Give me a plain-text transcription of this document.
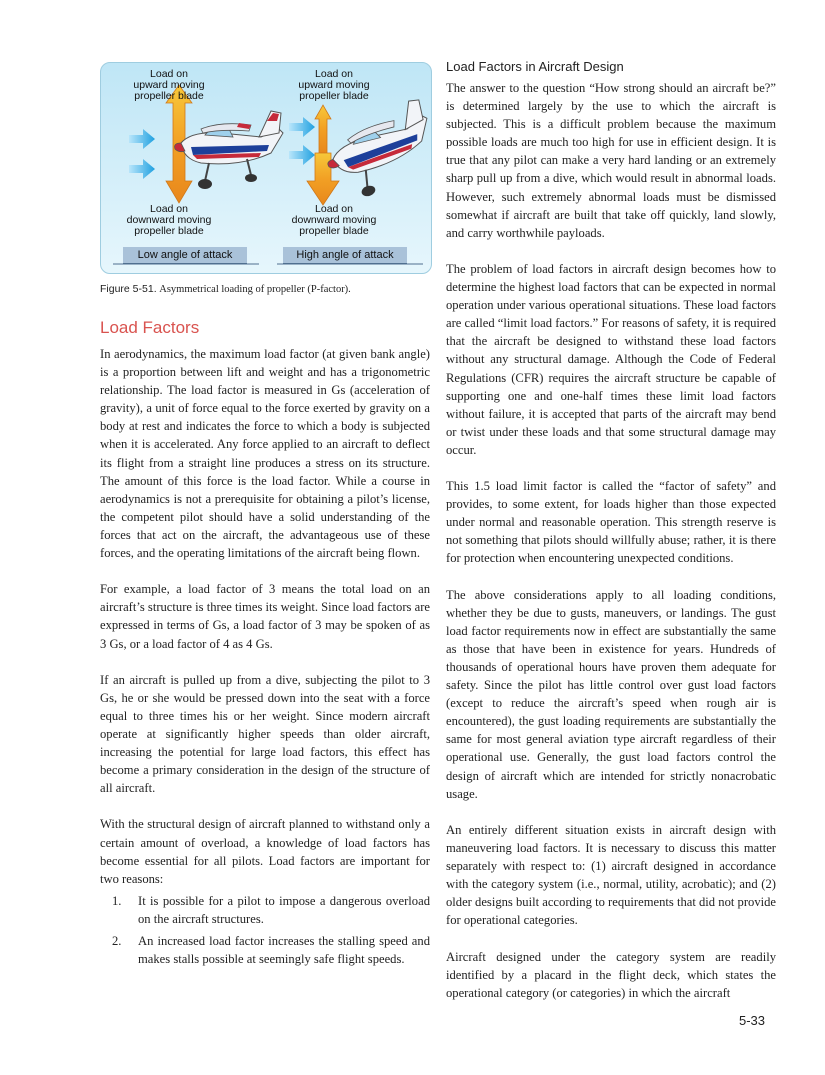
Load on
upward moving
propeller blade
Load on
downward moving
propeller blade
Load on
upward moving
propeller blade
Load on
downward moving
propeller blade
Low angle of attack	High angle of attack
Figure 5-51. Asymmetrical loading of propeller (P-factor).
Load Factors

In aerodynamics, the maximum load factor (at given bank angle) is a proportion between lift and weight and has a trigonometric relationship. The load factor is measured in Gs (acceleration of gravity), a unit of force equal to the force exerted by gravity on a body at rest and indicates the force to which a body is subjected when it is accelerated. Any force applied to an aircraft to deflect its flight from a straight line produces a stress on its structure. The amount of this force is the load factor. While a course in aerodynamics is not a prerequisite for obtaining a pilot’s license, the competent pilot should have a solid understanding of the forces that act on the aircraft, the advantageous use of these forces, and the operating limitations of the aircraft being flown.

For example, a load factor of 3 means the total load on an aircraft’s structure is three times its weight. Since load factors are expressed in terms of Gs, a load factor of 3 may be spoken of as 3 Gs, or a load factor of 4 as 4 Gs.

If an aircraft is pulled up from a dive, subjecting the pilot to 3 Gs, he or she would be pressed down into the seat with a force equal to three times his or her weight. Since modern aircraft operate at significantly higher speeds than older aircraft, increasing the potential for large load factors, this effect has become a primary consideration in the design of the structure of all aircraft.

With the structural design of aircraft planned to withstand only a certain amount of overload, a knowledge of load factors has become essential for all pilots. Load factors are important for two reasons:

1. It is possible for a pilot to impose a dangerous overload on the aircraft structures.
2. An increased load factor increases the stalling speed and makes stalls possible at seemingly safe flight speeds.
Load Factors in Aircraft Design

The answer to the question “How strong should an aircraft be?” is determined largely by the use to which the aircraft is subjected. This is a difficult problem because the maximum possible loads are much too high for use in efficient design. It is true that any pilot can make a very hard landing or an extremely sharp pull up from a dive, which would result in abnormal loads. However, such extremely abnormal loads must be dismissed somewhat if aircraft are built that take off quickly, land slowly, and carry worthwhile payloads.

The problem of load factors in aircraft design becomes how to determine the highest load factors that can be expected in normal operation under various operational situations. These load factors are called “limit load factors.” For reasons of safety, it is required that the aircraft be designed to withstand these load factors without any structural damage. Although the Code of Federal Regulations (CFR) requires the aircraft structure be capable of supporting one and one-half times these limit load factors without failure, it is accepted that parts of the aircraft may bend or twist under these loads and that some structural damage may occur.

This 1.5 load limit factor is called the “factor of safety” and provides, to some extent, for loads higher than those expected under normal and reasonable operation. This strength reserve is not something that pilots should willfully abuse; rather, it is there for protection when encountering unexpected conditions.

The above considerations apply to all loading conditions, whether they be due to gusts, maneuvers, or landings. The gust load factor requirements now in effect are substantially the same as those that have been in existence for years. Hundreds of thousands of operational hours have proven them adequate for safety. Since the pilot has little control over gust load factors (except to reduce the aircraft’s speed when rough air is encountered), the gust loading requirements are substantially the same for most general aviation type aircraft regardless of their operational use. Generally, the gust load factors control the design of aircraft which are intended for strictly nonacrobatic usage.

An entirely different situation exists in aircraft design with maneuvering load factors. It is necessary to discuss this matter separately with respect to: (1) aircraft designed in accordance with the category system (i.e., normal, utility, acrobatic); and (2) older designs built according to requirements that did not provide for operational categories.

Aircraft designed under the category system are readily identified by a placard in the flight deck, which states the operational category (or categories) in which the aircraft

5-33
